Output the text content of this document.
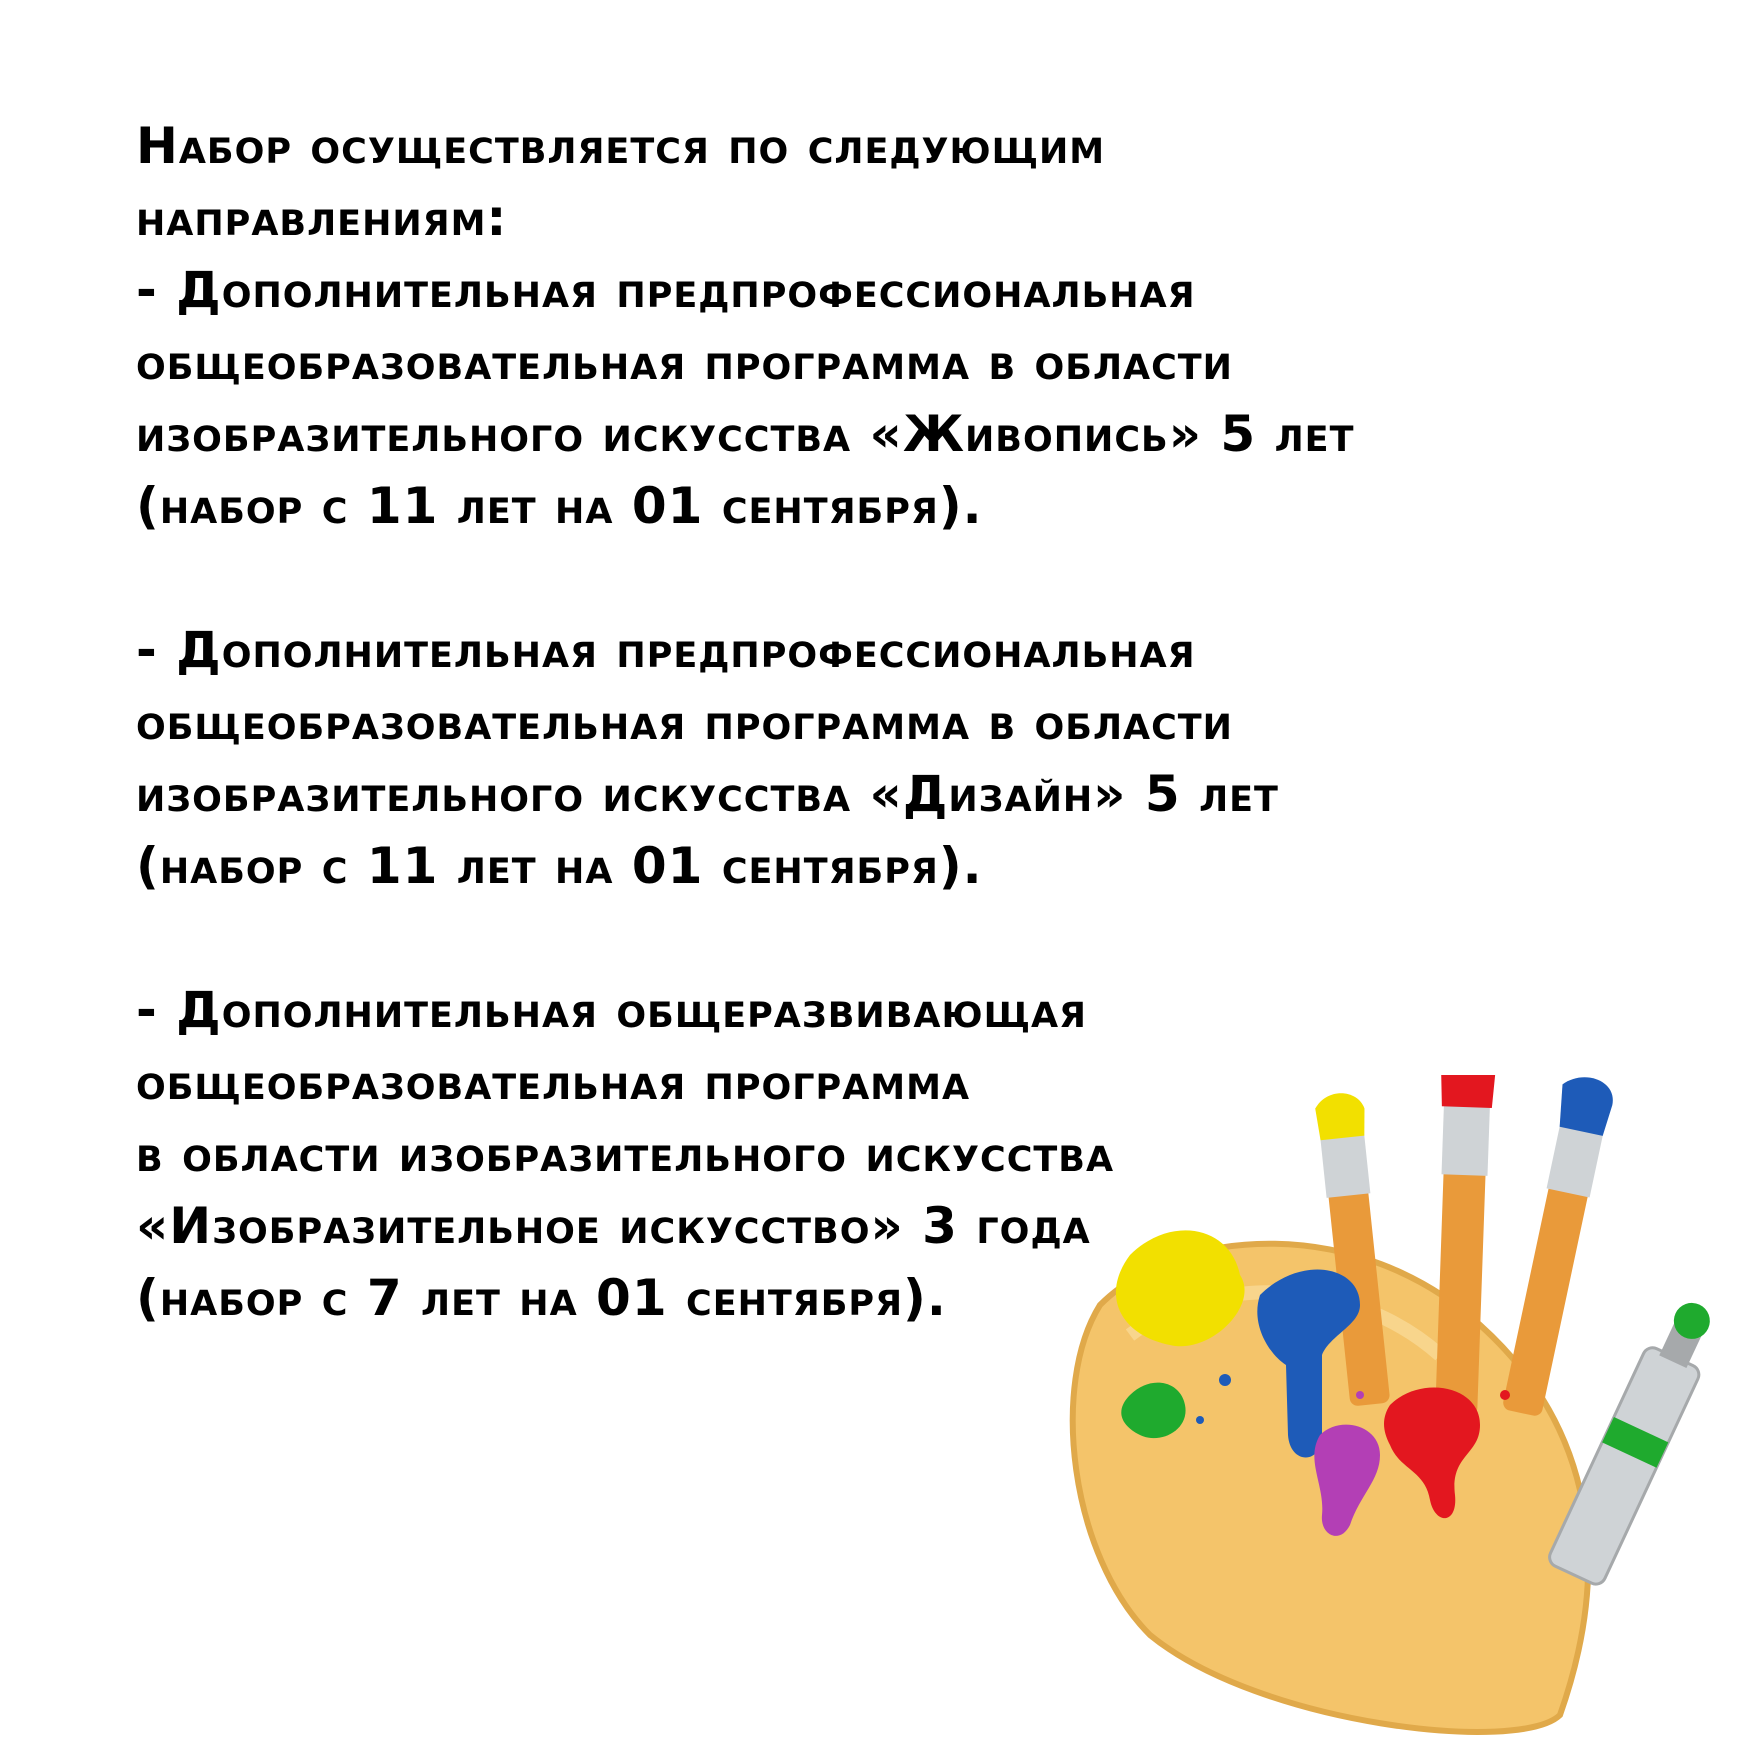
Набор осуществляется по следующим
направлениям:
- Дополнительная предпрофессиональная
общеобразовательная программа в области
изобразительного искусства «Живопись» 5 лет
(набор с 11 лет на 01 сентября).
- Дополнительная предпрофессиональная
общеобразовательная программа в области
изобразительного искусства «Дизайн» 5 лет
(набор с 11 лет на 01 сентября).
- Дополнительная общеразвивающая
общеобразовательная программа
в области изобразительного искусства
«Изобразительное искусство» 3 года
(набор с 7 лет на 01 сентября).
